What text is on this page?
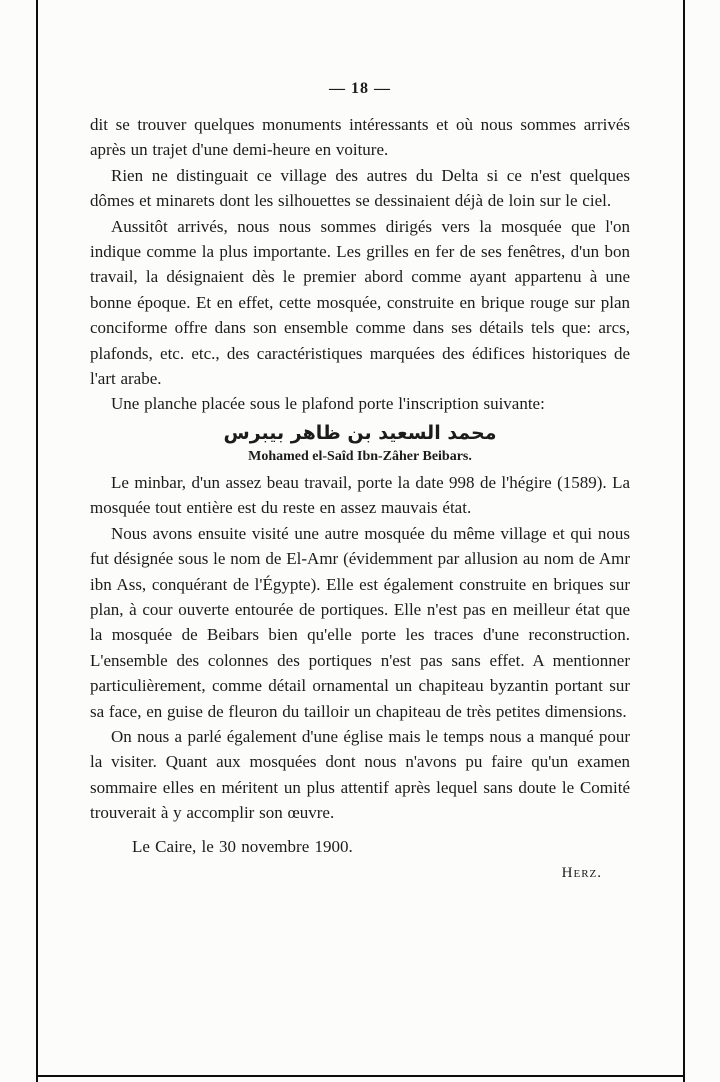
— 18 —

dit se trouver quelques monuments intéressants et où nous sommes arrivés après un trajet d'une demi-heure en voiture.

Rien ne distinguait ce village des autres du Delta si ce n'est quelques dômes et minarets dont les silhouettes se dessinaient déjà de loin sur le ciel.

Aussitôt arrivés, nous nous sommes dirigés vers la mosquée que l'on indique comme la plus importante. Les grilles en fer de ses fenêtres, d'un bon travail, la désignaient dès le premier abord comme ayant appartenu à une bonne époque. Et en effet, cette mosquée, construite en brique rouge sur plan conciforme offre dans son ensemble comme dans ses détails tels que: arcs, plafonds, etc. etc., des caractéristiques marquées des édifices historiques de l'art arabe.

Une planche placée sous le plafond porte l'inscription suivante:

محمد السعيد بن ظاهر بيبرس

Mohamed el-Saîd Ibn-Zâher Beibars.

Le minbar, d'un assez beau travail, porte la date 998 de l'hégire (1589). La mosquée tout entière est du reste en assez mauvais état.

Nous avons ensuite visité une autre mosquée du même village et qui nous fut désignée sous le nom de El-Amr (évidemment par allusion au nom de Amr ibn Ass, conquérant de l'Égypte). Elle est également construite en briques sur plan, à cour ouverte entourée de portiques. Elle n'est pas en meilleur état que la mosquée de Beibars bien qu'elle porte les traces d'une reconstruction. L'ensemble des colonnes des portiques n'est pas sans effet. A mentionner particulièrement, comme détail ornamental un chapiteau byzantin portant sur sa face, en guise de fleuron du tailloir un chapiteau de très petites dimensions.

On nous a parlé également d'une église mais le temps nous a manqué pour la visiter. Quant aux mosquées dont nous n'avons pu faire qu'un examen sommaire elles en méritent un plus attentif après lequel sans doute le Comité trouverait à y accomplir son œuvre.

Le Caire, le 30 novembre 1900.

Herz.
